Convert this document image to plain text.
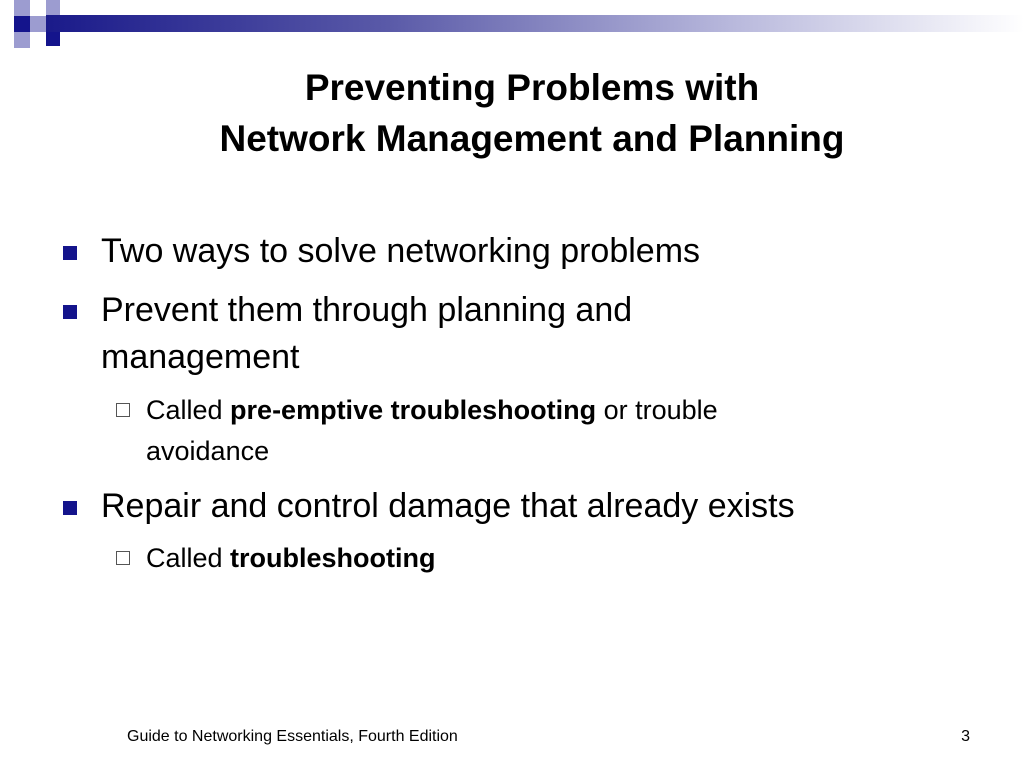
Preventing Problems with
Network Management and Planning
Two ways to solve networking problems
Prevent them through planning and
management
Called pre-emptive troubleshooting or trouble
avoidance
Repair and control damage that already exists
Called troubleshooting
Guide to Networking Essentials, Fourth Edition	3
